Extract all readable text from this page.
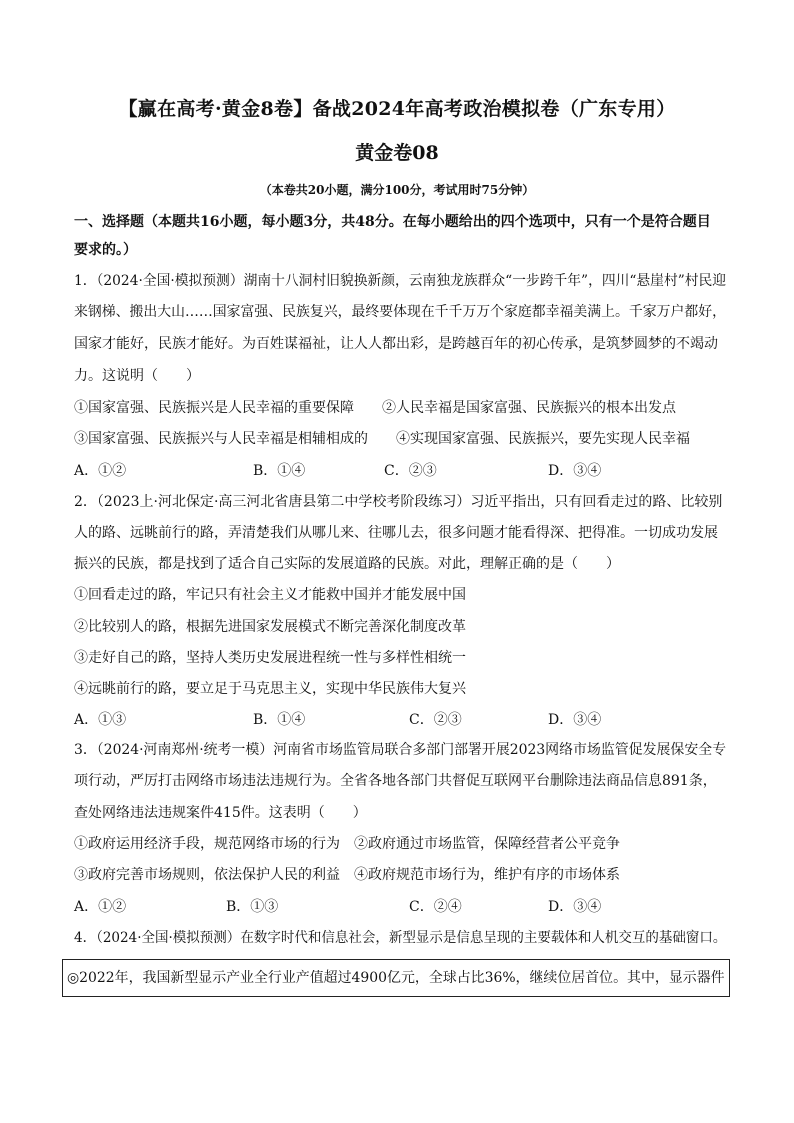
【赢在高考·黄金8卷】备战2024年高考政治模拟卷（广东专用）
黄金卷08
（本卷共20小题，满分100分，考试用时75分钟）
一、选择题（本题共16小题，每小题3分，共48分。在每小题给出的四个选项中，只有一个是符合题目
要求的。）
1．（2024·全国·模拟预测）湖南十八洞村旧貌换新颜，云南独龙族群众“一步跨千年”，四川“悬崖村”村民迎
来钢梯、搬出大山……国家富强、民族复兴，最终要体现在千千万万个家庭都幸福美满上。千家万户都好，
国家才能好，民族才能好。为百姓谋福祉，让人人都出彩，是跨越百年的初心传承，是筑梦圆梦的不竭动
力。这说明（　　）
①国家富强、民族振兴是人民幸福的重要保障　　②人民幸福是国家富强、民族振兴的根本出发点
③国家富强、民族振兴与人民幸福是相辅相成的　　④实现国家富强、民族振兴，要先实现人民幸福
A．①②	B．①④	C．②③	D．③④
2．（2023上·河北保定·高三河北省唐县第二中学校考阶段练习）习近平指出，只有回看走过的路、比较别
人的路、远眺前行的路，弄清楚我们从哪儿来、往哪儿去，很多问题才能看得深、把得准。一切成功发展
振兴的民族，都是找到了适合自己实际的发展道路的民族。对此，理解正确的是（　　）
①回看走过的路，牢记只有社会主义才能救中国并才能发展中国
②比较别人的路，根据先进国家发展模式不断完善深化制度改革
③走好自己的路，坚持人类历史发展进程统一性与多样性相统一
④远眺前行的路，要立足于马克思主义，实现中华民族伟大复兴
A．①③	B．①④	C．②③	D．③④
3．（2024·河南郑州·统考一模）河南省市场监管局联合多部门部署开展2023网络市场监管促发展保安全专
项行动，严厉打击网络市场违法违规行为。全省各地各部门共督促互联网平台删除违法商品信息891条，
查处网络违法违规案件415件。这表明（　　）
①政府运用经济手段，规范网络市场的行为　②政府通过市场监管，保障经营者公平竞争
③政府完善市场规则，依法保护人民的利益　④政府规范市场行为，维护有序的市场体系
A．①②	B．①③	C．②④	D．③④
4．（2024·全国·模拟预测）在数字时代和信息社会，新型显示是信息呈现的主要载体和人机交互的基础窗口。
◎2022年，我国新型显示产业全行业产值超过4900亿元，全球占比36%，继续位居首位。其中，显示器件
